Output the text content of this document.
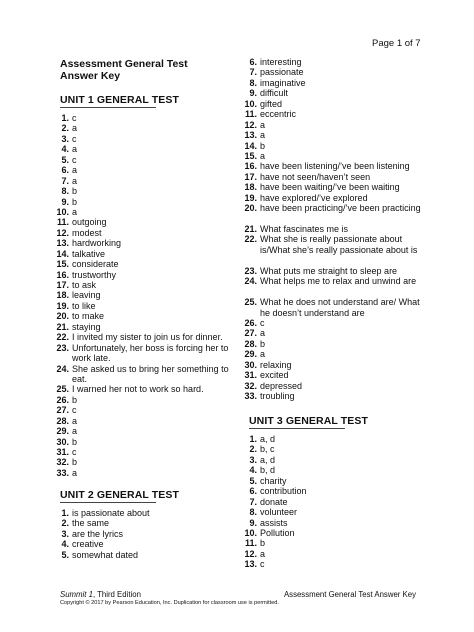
Page 1 of 7
Assessment General Test
Answer Key
UNIT 1 GENERAL TEST
1. c
2. a
3. c
4. a
5. c
6. a
7. a
8. b
9. b
10. a
11. outgoing
12. modest
13. hardworking
14. talkative
15. considerate
16. trustworthy
17. to ask
18. leaving
19. to like
20. to make
21. staying
22. I invited my sister to join us for dinner.
23. Unfortunately, her boss is forcing her to work late.
24. She asked us to bring her something to eat.
25. I warned her not to work so hard.
26. b
27. c
28. a
29. a
30. b
31. c
32. b
33. a
UNIT 2 GENERAL TEST
1. is passionate about
2. the same
3. are the lyrics
4. creative
5. somewhat dated
6. interesting
7. passionate
8. imaginative
9. difficult
10. gifted
11. eccentric
12. a
13. a
14. b
15. a
16. have been listening/’ve been listening
17. have not seen/haven’t seen
18. have been waiting/’ve been waiting
19. have explored/’ve explored
20. have been practicing/’ve been practicing
21. What fascinates me is
22. What she is really passionate about is/What she’s really passionate about is
23. What puts me straight to sleep are
24. What helps me to relax and unwind are
25. What he does not understand are/ What he doesn’t understand are
26. c
27. a
28. b
29. a
30. relaxing
31. excited
32. depressed
33. troubling
UNIT 3 GENERAL TEST
1. a, d
2. b, c
3. a, d
4. b, d
5. charity
6. contribution
7. donate
8. volunteer
9. assists
10. Pollution
11. b
12. a
13. c
Summit 1, Third Edition	Assessment General Test Answer Key
Copyright © 2017 by Pearson Education, Inc. Duplication for classroom use is permitted.
